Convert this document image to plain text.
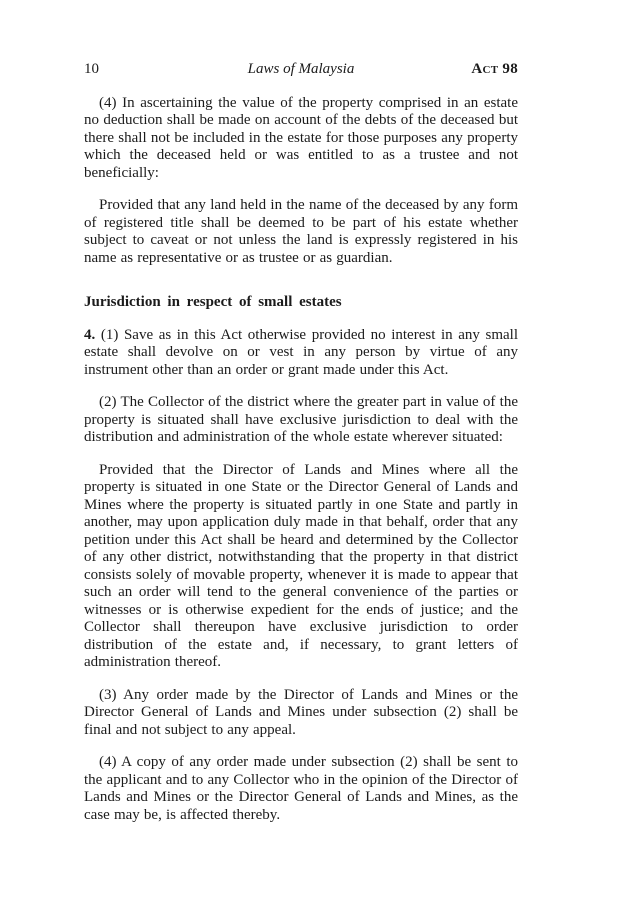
10	Laws of Malaysia	Act 98

(4) In ascertaining the value of the property comprised in an estate no deduction shall be made on account of the debts of the deceased but there shall not be included in the estate for those purposes any property which the deceased held or was entitled to as a trustee and not beneficially:

Provided that any land held in the name of the deceased by any form of registered title shall be deemed to be part of his estate whether subject to caveat or not unless the land is expressly registered in his name as representative or as trustee or as guardian.

Jurisdiction in respect of small estates

4. (1) Save as in this Act otherwise provided no interest in any small estate shall devolve on or vest in any person by virtue of any instrument other than an order or grant made under this Act.

(2) The Collector of the district where the greater part in value of the property is situated shall have exclusive jurisdiction to deal with the distribution and administration of the whole estate wherever situated:

Provided that the Director of Lands and Mines where all the property is situated in one State or the Director General of Lands and Mines where the property is situated partly in one State and partly in another, may upon application duly made in that behalf, order that any petition under this Act shall be heard and determined by the Collector of any other district, notwithstanding that the property in that district consists solely of movable property, whenever it is made to appear that such an order will tend to the general convenience of the parties or witnesses or is otherwise expedient for the ends of justice; and the Collector shall thereupon have exclusive jurisdiction to order distribution of the estate and, if necessary, to grant letters of administration thereof.

(3) Any order made by the Director of Lands and Mines or the Director General of Lands and Mines under subsection (2) shall be final and not subject to any appeal.

(4) A copy of any order made under subsection (2) shall be sent to the applicant and to any Collector who in the opinion of the Director of Lands and Mines or the Director General of Lands and Mines, as the case may be, is affected thereby.
